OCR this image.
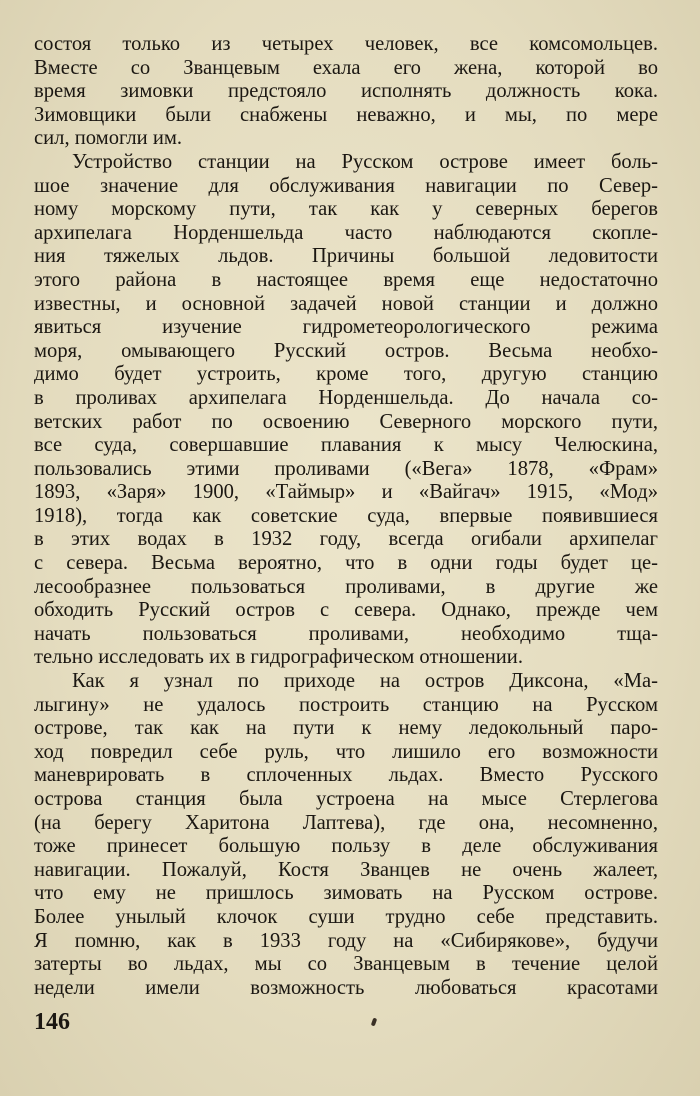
состоя только из четырех человек, все комсомольцев.
Вместе со Званцевым ехала его жена, которой во
время зимовки предстояло исполнять должность кока.
Зимовщики были снабжены неважно, и мы, по мере
сил, помогли им.
Устройство станции на Русском острове имеет боль-
шое значение для обслуживания навигации по Север-
ному морскому пути, так как у северных берегов
архипелага Норденшельда часто наблюдаются скопле-
ния тяжелых льдов. Причины большой ледовитости
этого района в настоящее время еще недостаточно
известны, и основной задачей новой станции и должно
явиться изучение гидрометеорологического режима
моря, омывающего Русский остров. Весьма необхо-
димо будет устроить, кроме того, другую станцию
в проливах архипелага Норденшельда. До начала со-
ветских работ по освоению Северного морского пути,
все суда, совершавшие плавания к мысу Челюскина,
пользовались этими проливами («Вега» 1878, «Фрам»
1893, «Заря» 1900, «Таймыр» и «Вайгач» 1915, «Мод»
1918), тогда как советские суда, впервые появившиеся
в этих водах в 1932 году, всегда огибали архипелаг
с севера. Весьма вероятно, что в одни годы будет це-
лесообразнее пользоваться проливами, в другие же
обходить Русский остров с севера. Однако, прежде чем
начать пользоваться проливами, необходимо тща-
тельно исследовать их в гидрографическом отношении.
Как я узнал по приходе на остров Диксона, «Ма-
лыгину» не удалось построить станцию на Русском
острове, так как на пути к нему ледокольный паро-
ход повредил себе руль, что лишило его возможности
маневрировать в сплоченных льдах. Вместо Русского
острова станция была устроена на мысе Стерлегова
(на берегу Харитона Лаптева), где она, несомненно,
тоже принесет большую пользу в деле обслуживания
навигации. Пожалуй, Костя Званцев не очень жалеет,
что ему не пришлось зимовать на Русском острове.
Более унылый клочок суши трудно себе представить.
Я помню, как в 1933 году на «Сибирякове», будучи
затерты во льдах, мы со Званцевым в течение целой
недели имели возможность любоваться красотами
146
